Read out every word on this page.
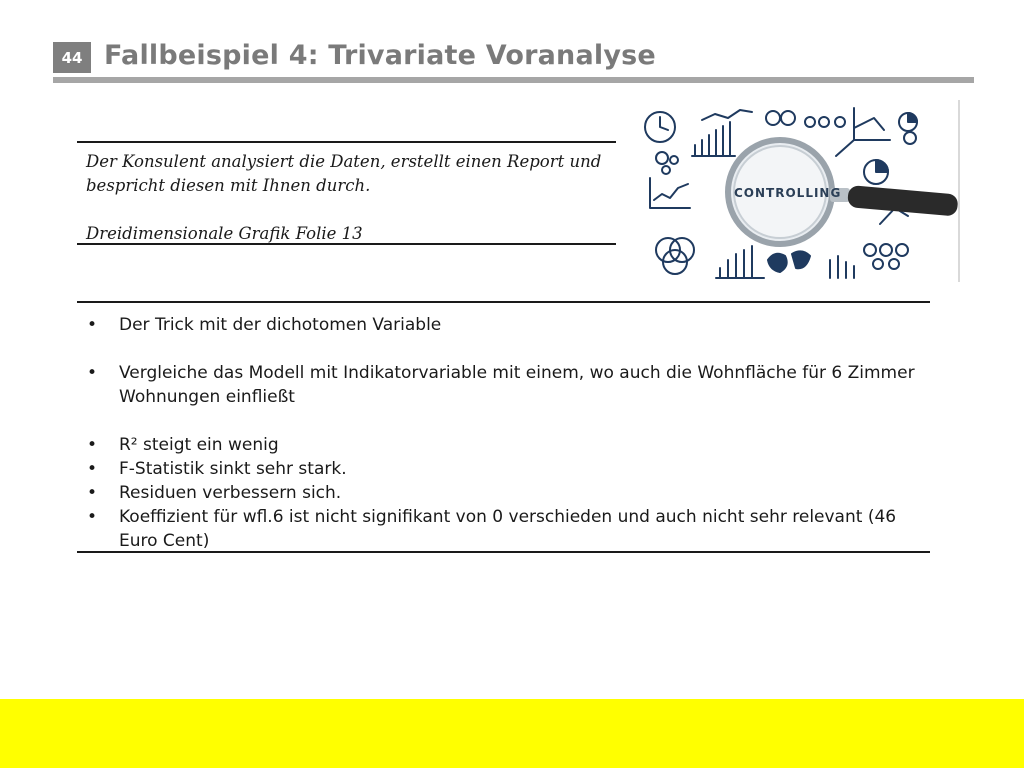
44 Fallbeispiel 4: Trivariate Voranalyse

Der Konsulent analysiert die Daten, erstellt einen Report und bespricht diesen mit Ihnen durch.

Dreidimensionale Grafik Folie 13

CONTROLLING
• Der Trick mit der dichotomen Variable
• Vergleiche das Modell mit Indikatorvariable mit einem, wo auch die Wohnfläche für 6 Zimmer Wohnungen einfließt
• R² steigt ein wenig
• F-Statistik sinkt sehr stark.
• Residuen verbessern sich.
• Koeffizient für wfl.6 ist nicht signifikant von 0 verschieden und auch nicht sehr relevant (46 Euro Cent)
